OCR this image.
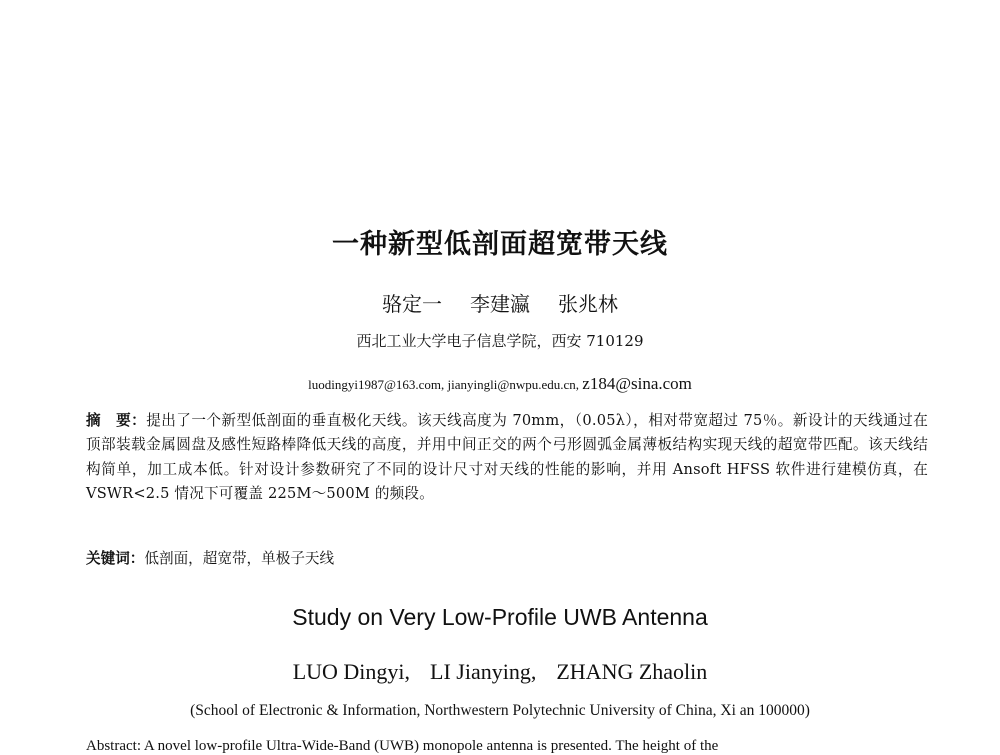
一种新型低剖面超宽带天线
骆定一 李建瀛 张兆林
西北工业大学电子信息学院，西安 710129
luodingyi1987@163.com, jianyingli@nwpu.edu.cn, z184@sina.com
摘　要：提出了一个新型低剖面的垂直极化天线。该天线高度为 70mm，（0.05λ），相对带宽超过 75％。新设计的天线通过在顶部装载金属圆盘及感性短路棒降低天线的高度，并用中间正交的两个弓形圆弧金属薄板结构实现天线的超宽带匹配。该天线结构简单，加工成本低。针对设计参数研究了不同的设计尺寸对天线的性能的影响，并用 Ansoft HFSS 软件进行建模仿真，在 VSWR<2.5 情况下可覆盖 225M～500M 的频段。
关键词：低剖面，超宽带，单极子天线
Study on Very Low-Profile UWB Antenna
LUO Dingyi, LI Jianying, ZHANG Zhaolin
(School of Electronic & Information, Northwestern Polytechnic University of China, Xi an 100000)
Abstract: A novel low-profile Ultra-Wide-Band (UWB) monopole antenna is presented. The height of the
